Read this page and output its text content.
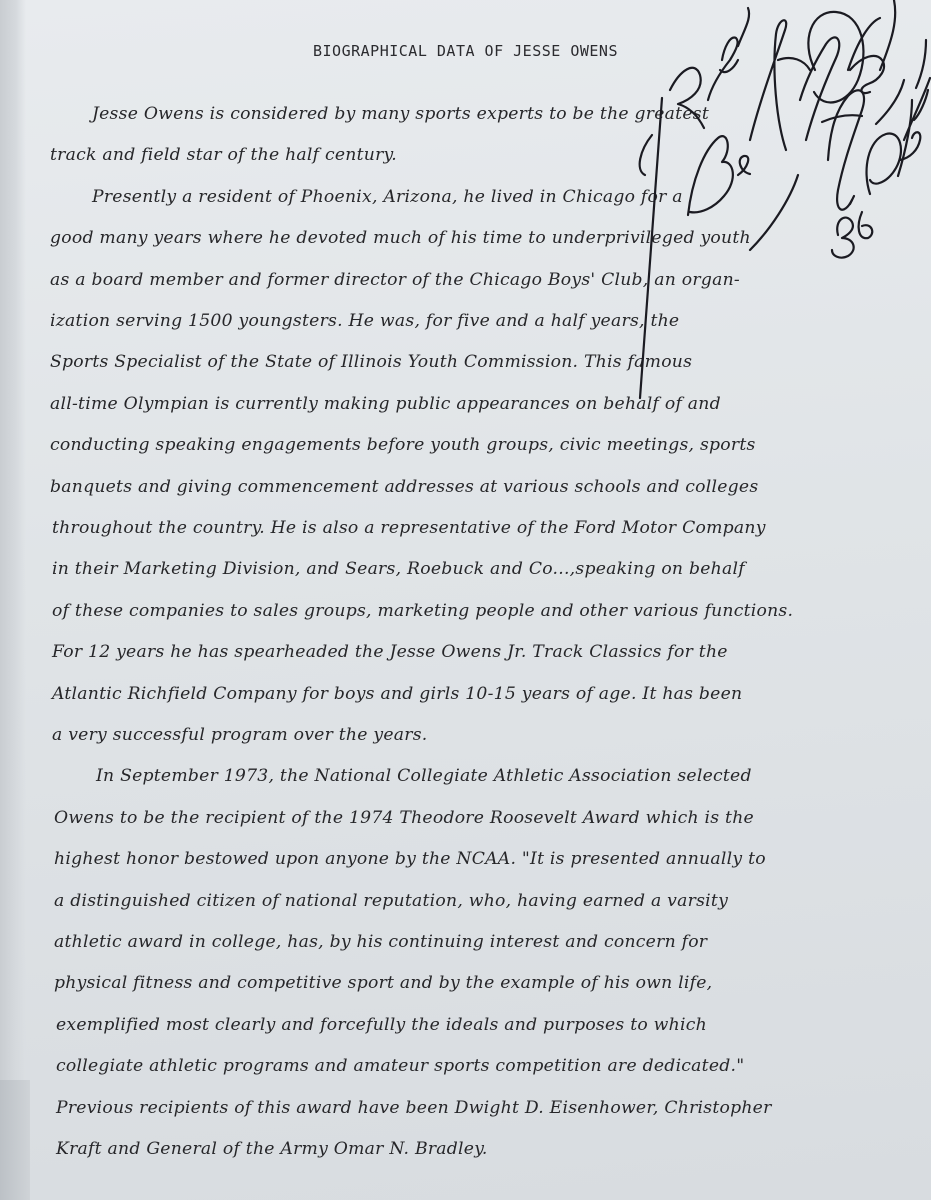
BIOGRAPHICAL DATA OF JESSE OWENS
Jesse Owens is considered by many sports experts to be the greatest
track and field star of the half century.
Presently a resident of Phoenix, Arizona, he lived in Chicago for a
good many years where he devoted much of his time to underprivileged youth
as a board member and former director of the Chicago Boys' Club, an organ-
ization serving 1500 youngsters. He was, for five and a half years, the
Sports Specialist of the State of Illinois Youth Commission. This famous
all-time Olympian is currently making public appearances on behalf of and
conducting speaking engagements before youth groups, civic meetings, sports
banquets and giving commencement addresses at various schools and colleges
throughout the country. He is also a representative of the Ford Motor Company
in their Marketing Division, and Sears, Roebuck and Co...,speaking on behalf
of these companies to sales groups, marketing people and other various functions.
For 12 years he has spearheaded the Jesse Owens Jr. Track Classics for the
Atlantic Richfield Company for boys and girls 10-15 years of age. It has been
a very successful program over the years.
In September 1973, the National Collegiate Athletic Association selected
Owens to be the recipient of the 1974 Theodore Roosevelt Award which is the
highest honor bestowed upon anyone by the NCAA. "It is presented annually to
a distinguished citizen of national reputation, who, having earned a varsity
athletic award in college, has, by his continuing interest and concern for
physical fitness and competitive sport and by the example of his own life,
exemplified most clearly and forcefully the ideals and purposes to which
collegiate athletic programs and amateur sports competition are dedicated."
Previous recipients of this award have been Dwight D. Eisenhower, Christopher
Kraft and General of the Army Omar N. Bradley.
